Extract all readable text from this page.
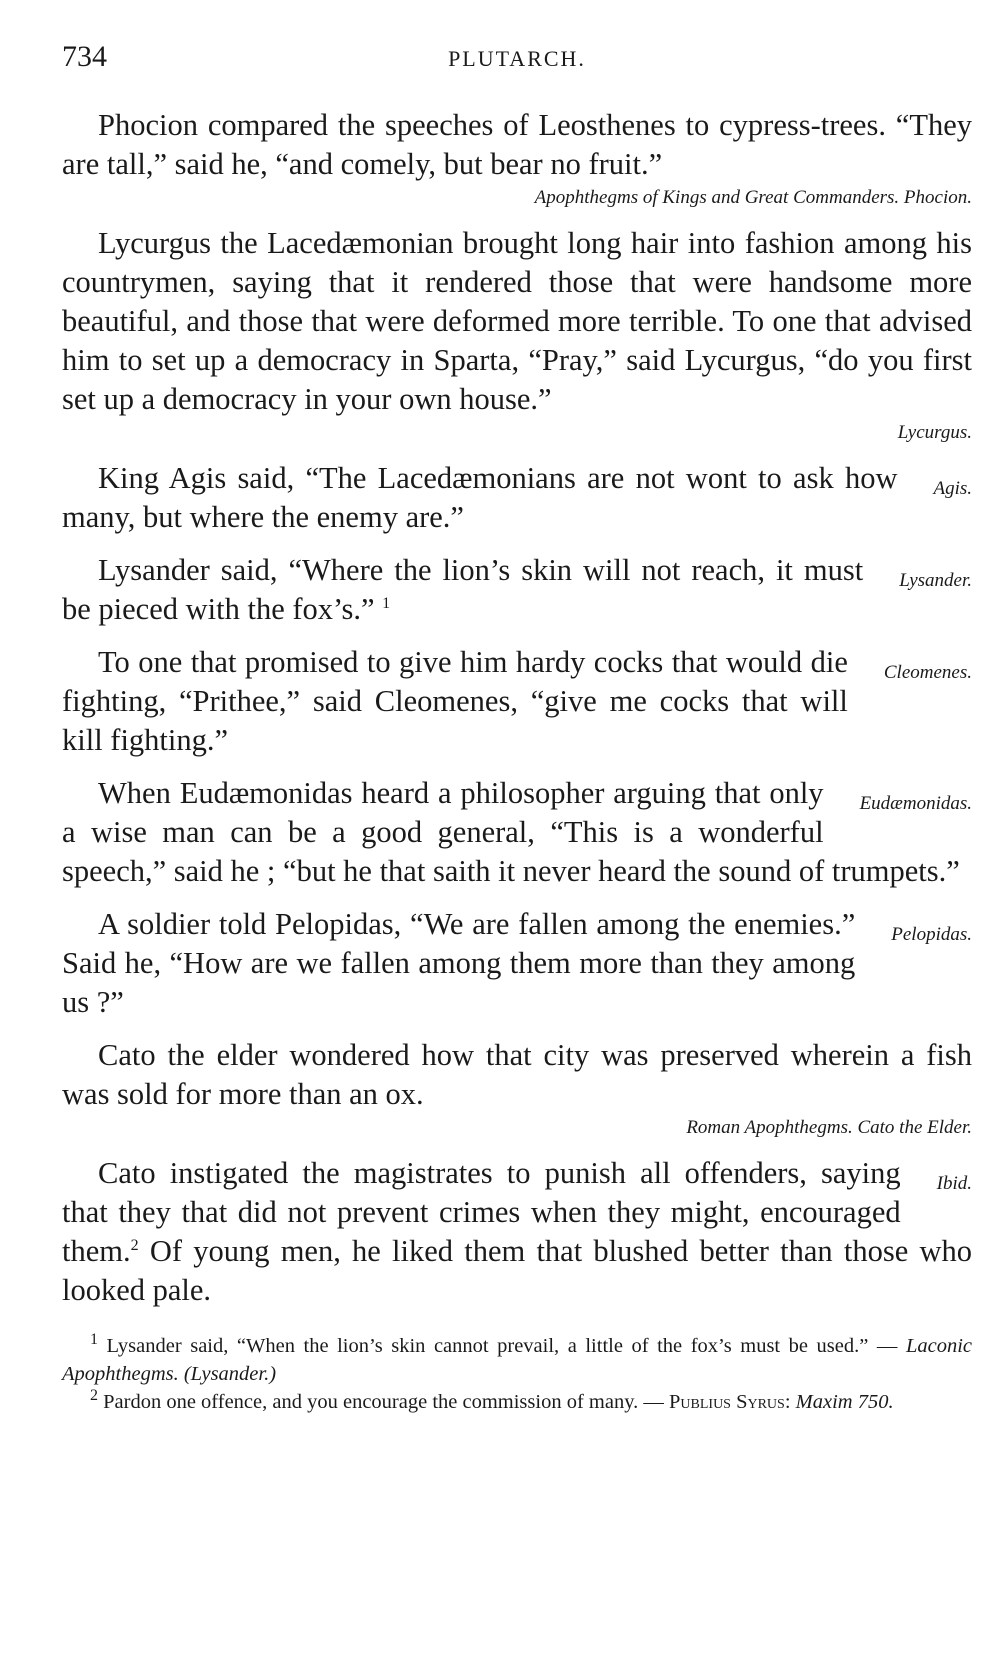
734	PLUTARCH.

Phocion compared the speeches of Leosthenes to cypress-trees. “They are tall,” said he, “and comely, but bear no fruit.”

Apophthegms of Kings and Great Commanders. Phocion.

Lycurgus the Lacedæmonian brought long hair into fashion among his countrymen, saying that it rendered those that were handsome more beautiful, and those that were deformed more terrible. To one that advised him to set up a democracy in Sparta, “Pray,” said Lycurgus, “do you first set up a democracy in your own house.”

Lycurgus.

Agis.
King Agis said, “The Lacedæmonians are not wont to ask how many, but where the enemy are.”

Lysander.
Lysander said, “Where the lion’s skin will not reach, it must be pieced with the fox’s.” $^1$

Cleomenes.
To one that promised to give him hardy cocks that would die fighting, “Prithee,” said Cleomenes, “give me cocks that will kill fighting.”

Eudæmonidas.
When Eudæmonidas heard a philosopher arguing that only a wise man can be a good general, “This is a wonderful speech,” said he ; “but he that saith it never heard the sound of trumpets.”

Pelopidas.
A soldier told Pelopidas, “We are fallen among the enemies.” Said he, “How are we fallen among them more than they among us ?”

Cato the elder wondered how that city was preserved wherein a fish was sold for more than an ox.

Roman Apophthegms. Cato the Elder.

Ibid.
Cato instigated the magistrates to punish all offenders, saying that they that did not prevent crimes when they might, encouraged them.$^2$ Of young men, he liked them that blushed better than those who looked pale.

$^1$ Lysander said, “When the lion’s skin cannot prevail, a little of the fox’s must be used.” — Laconic Apophthegms. (Lysander.)

$^2$ Pardon one offence, and you encourage the commission of many. — Publius Syrus: Maxim 750.
